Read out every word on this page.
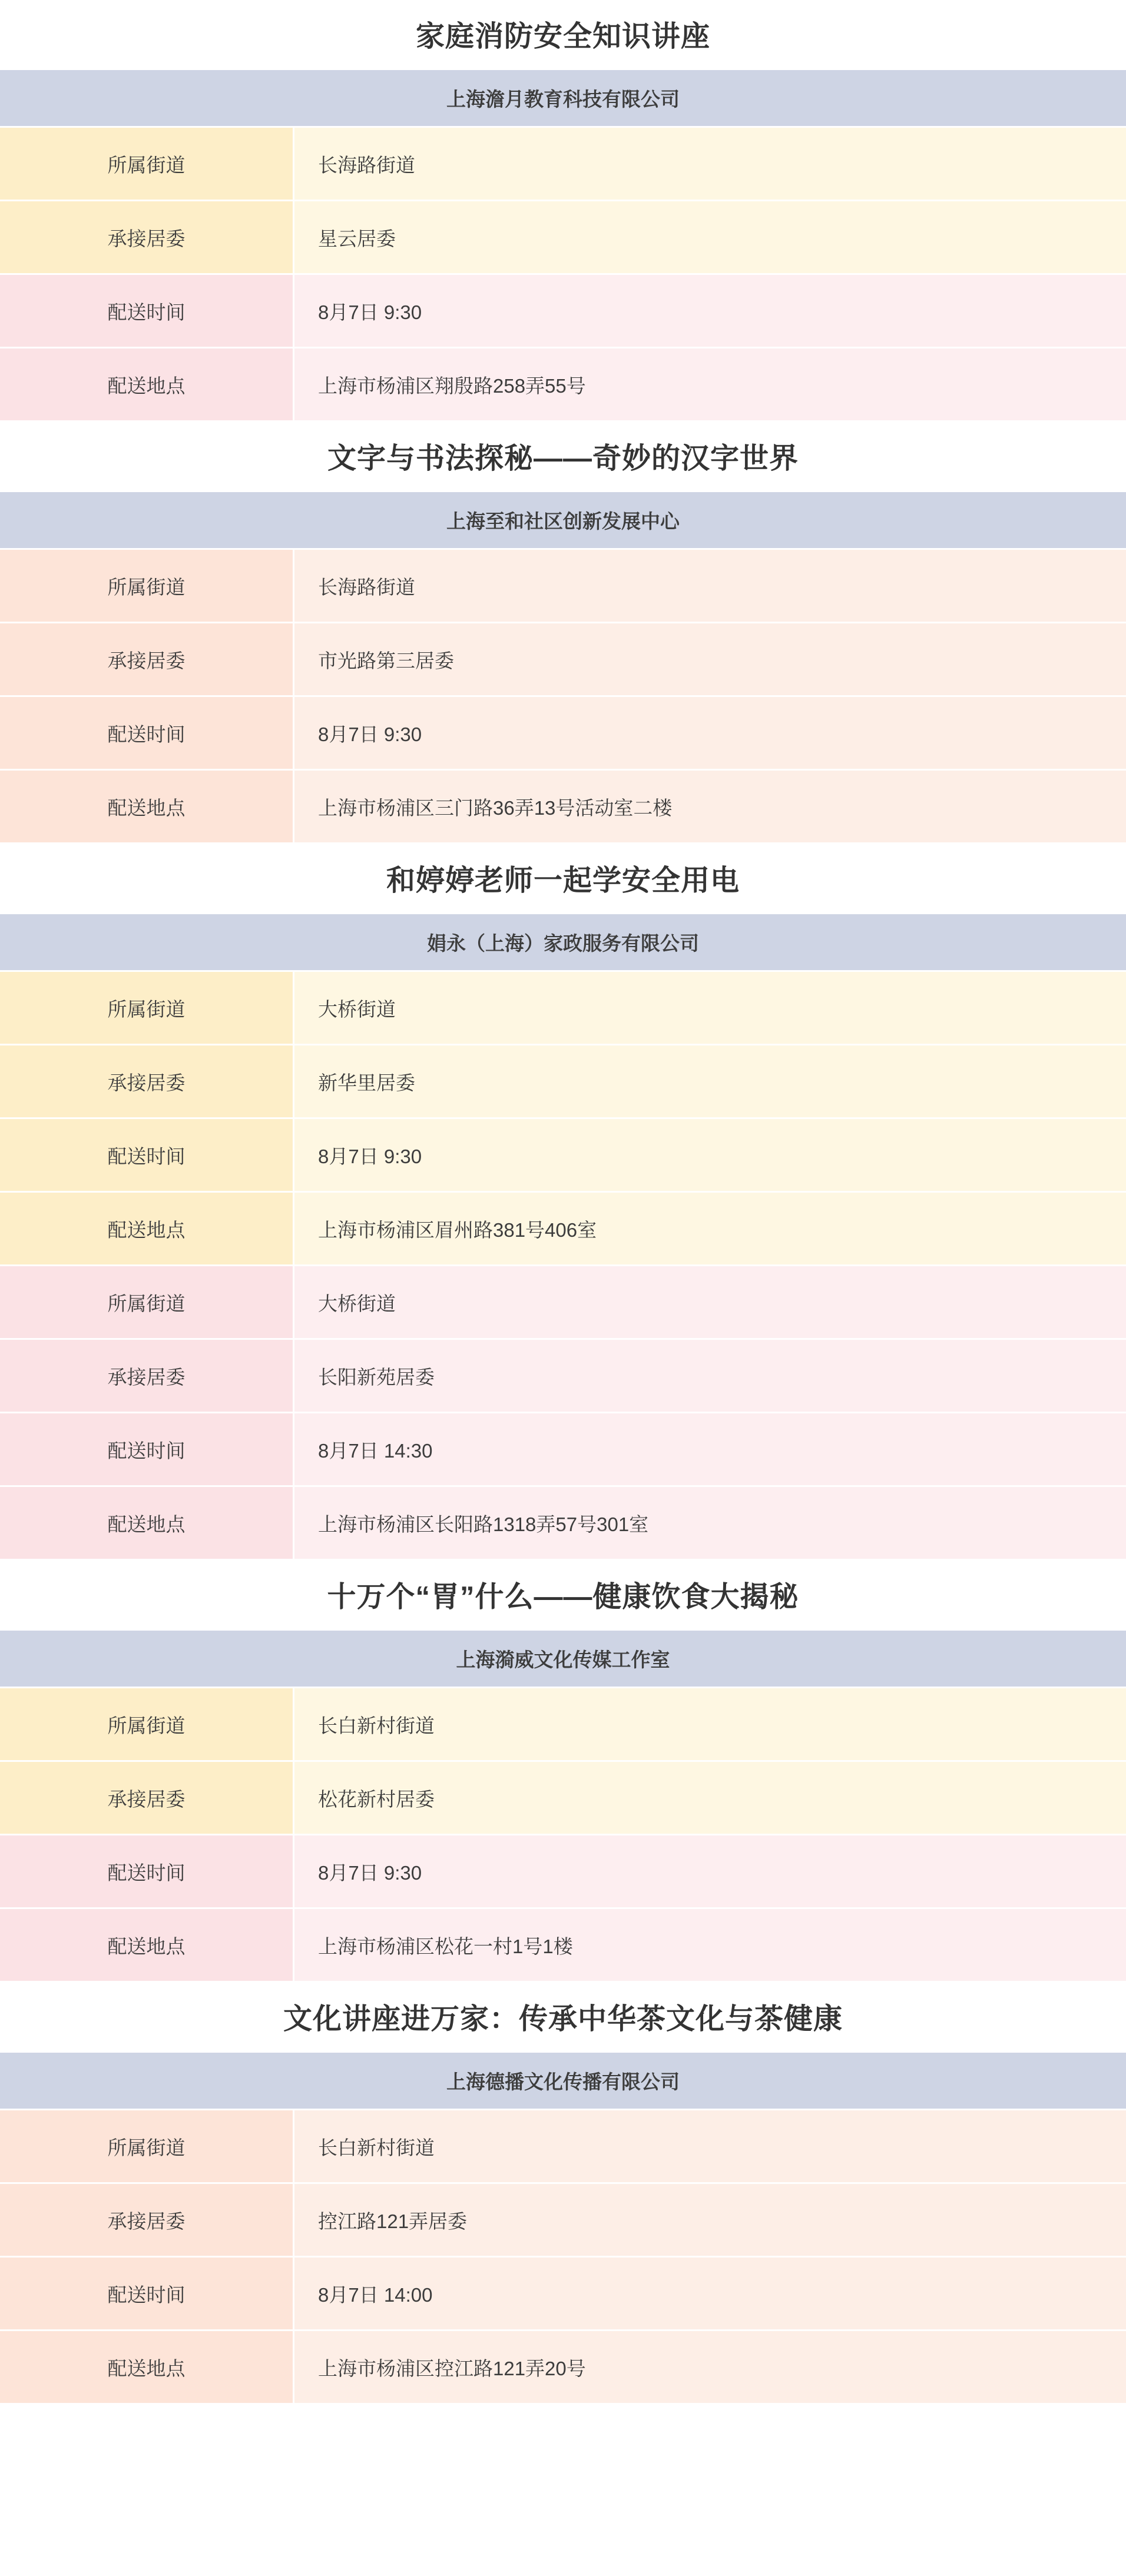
家庭消防安全知识讲座
上海澹月教育科技有限公司
所属街道	长海路街道
承接居委	星云居委
配送时间	8月7日 9:30
配送地点	上海市杨浦区翔殷路258弄55号
文字与书法探秘——奇妙的汉字世界
上海至和社区创新发展中心
所属街道	长海路街道
承接居委	市光路第三居委
配送时间	8月7日 9:30
配送地点	上海市杨浦区三门路36弄13号活动室二楼
和婷婷老师一起学安全用电
娟永（上海）家政服务有限公司
所属街道	大桥街道
承接居委	新华里居委
配送时间	8月7日 9:30
配送地点	上海市杨浦区眉州路381号406室
所属街道	大桥街道
承接居委	长阳新苑居委
配送时间	8月7日 14:30
配送地点	上海市杨浦区长阳路1318弄57号301室
十万个“胃”什么——健康饮食大揭秘
上海漪威文化传媒工作室
所属街道	长白新村街道
承接居委	松花新村居委
配送时间	8月7日 9:30
配送地点	上海市杨浦区松花一村1号1楼
文化讲座进万家：传承中华茶文化与茶健康
上海德播文化传播有限公司
所属街道	长白新村街道
承接居委	控江路121弄居委
配送时间	8月7日 14:00
配送地点	上海市杨浦区控江路121弄20号
